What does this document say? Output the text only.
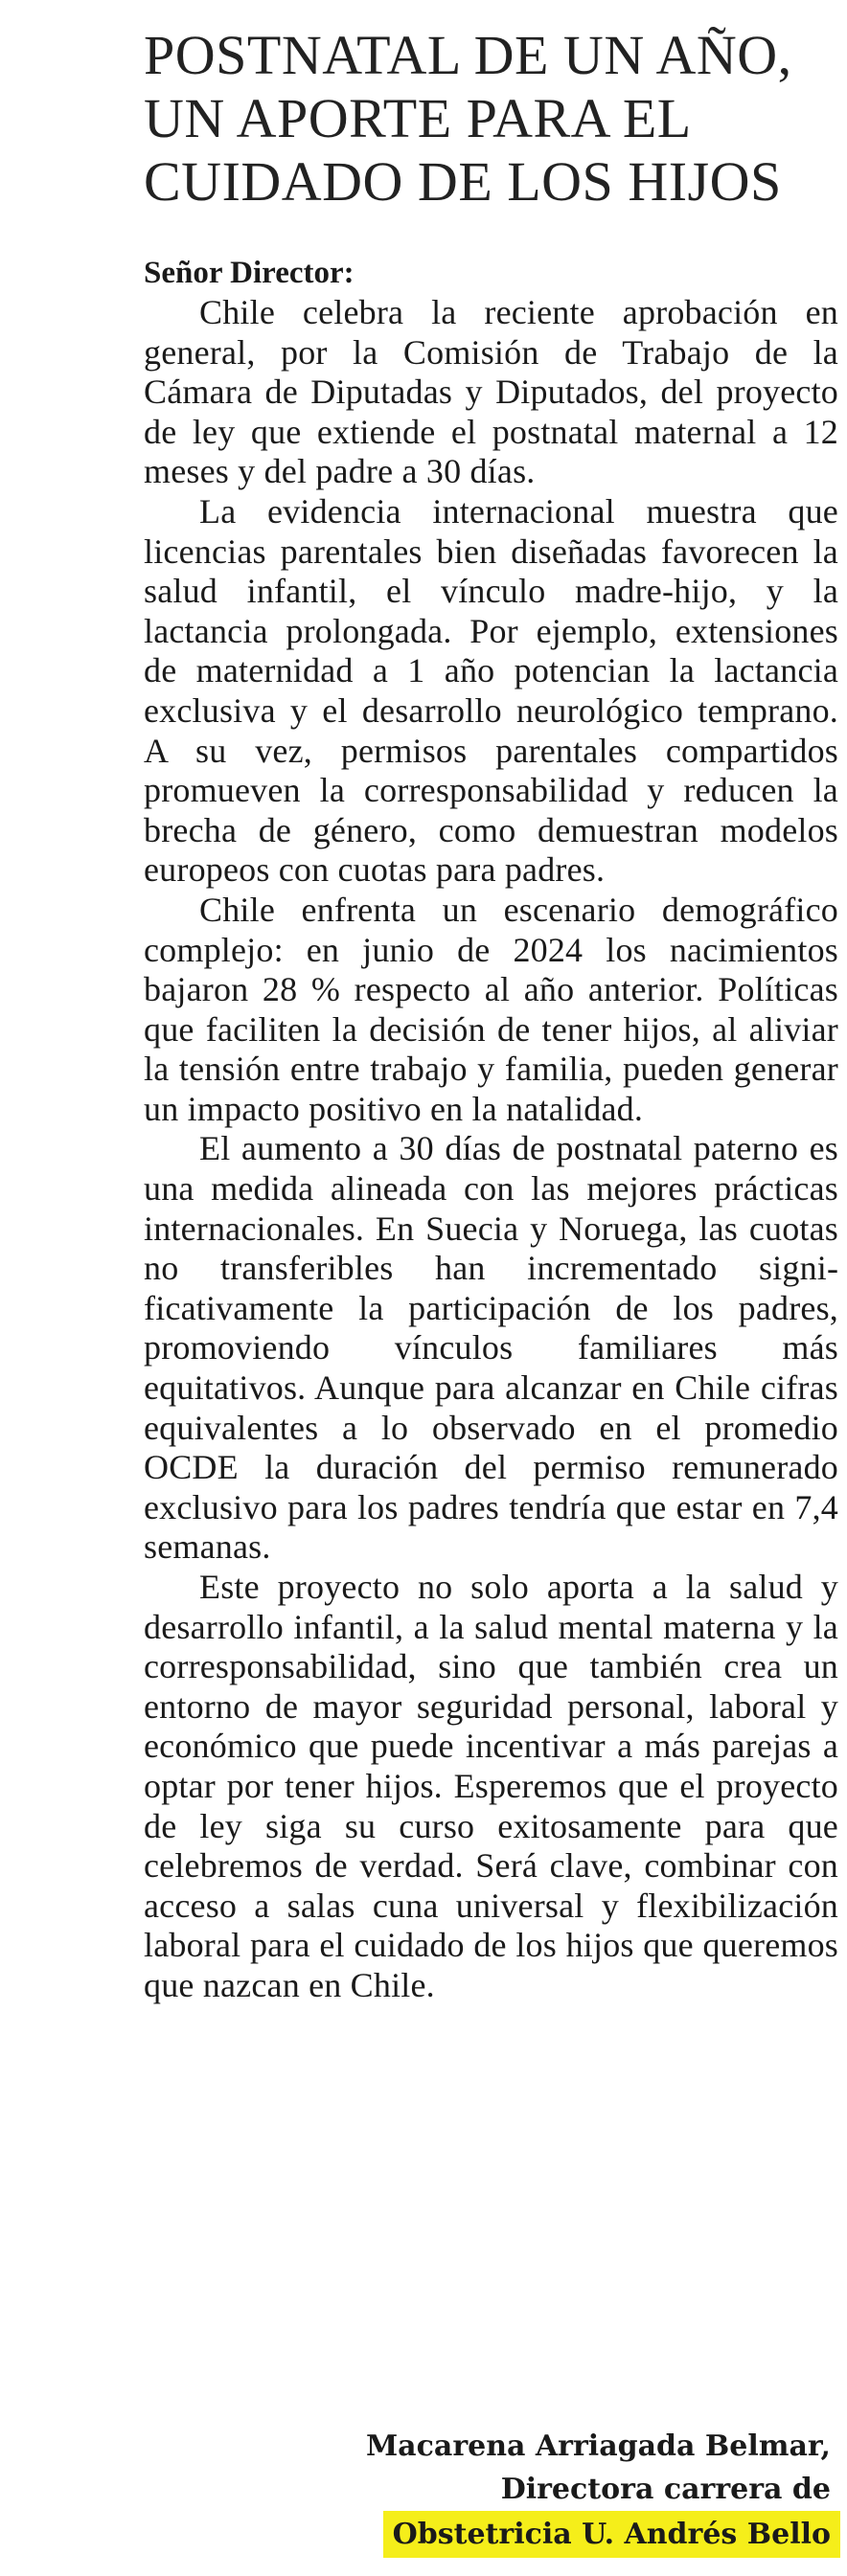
POSTNATAL DE UN AÑO,
UN APORTE PARA EL
CUIDADO DE LOS HIJOS

Señor Director:

Chile celebra la reciente aprobación en general, por la Comisión de Trabajo de la Cámara de Diputadas y Diputados, del proyecto de ley que extiende el postnatal maternal a 12 meses y del padre a 30 días.

La evidencia internacional muestra que licencias parentales bien diseñadas favorecen la salud infantil, el vínculo madre-hijo, y la lactancia prolongada. Por ejemplo, extensiones de maternidad a 1 año potencian la lactancia exclusiva y el desarrollo neurológico temprano. A su vez, permisos parentales compartidos promueven la corresponsabilidad y reducen la brecha de género, como demuestran modelos europeos con cuotas para padres.

Chile enfrenta un escenario demográfico complejo: en junio de 2024 los nacimientos bajaron 28 % respecto al año anterior. Políticas que faciliten la decisión de tener hijos, al aliviar la tensión entre trabajo y familia, pueden generar un impacto positivo en la natalidad.

El aumento a 30 días de postnatal paterno es una medida alineada con las mejores prácticas internacionales. En Suecia y Noruega, las cuotas no transferibles han incrementado significativamente la participación de los padres, promoviendo vínculos familiares más equitativos. Aunque para alcanzar en Chile cifras equivalentes a lo observado en el promedio OCDE la duración del permiso remunerado exclusivo para los padres tendría que estar en 7,4 semanas.

Este proyecto no solo aporta a la salud y desarrollo infantil, a la salud mental materna y la corresponsabilidad, sino que también crea un entorno de mayor seguridad personal, laboral y económico que puede incentivar a más parejas a optar por tener hijos. Esperemos que el proyecto de ley siga su curso exitosamente para que celebremos de verdad. Será clave, combinar con acceso a salas cuna universal y flexibilización laboral para el cuidado de los hijos que queremos que nazcan en Chile.

Macarena Arriagada Belmar,
Directora carrera de
Obstetricia U. Andrés Bello
